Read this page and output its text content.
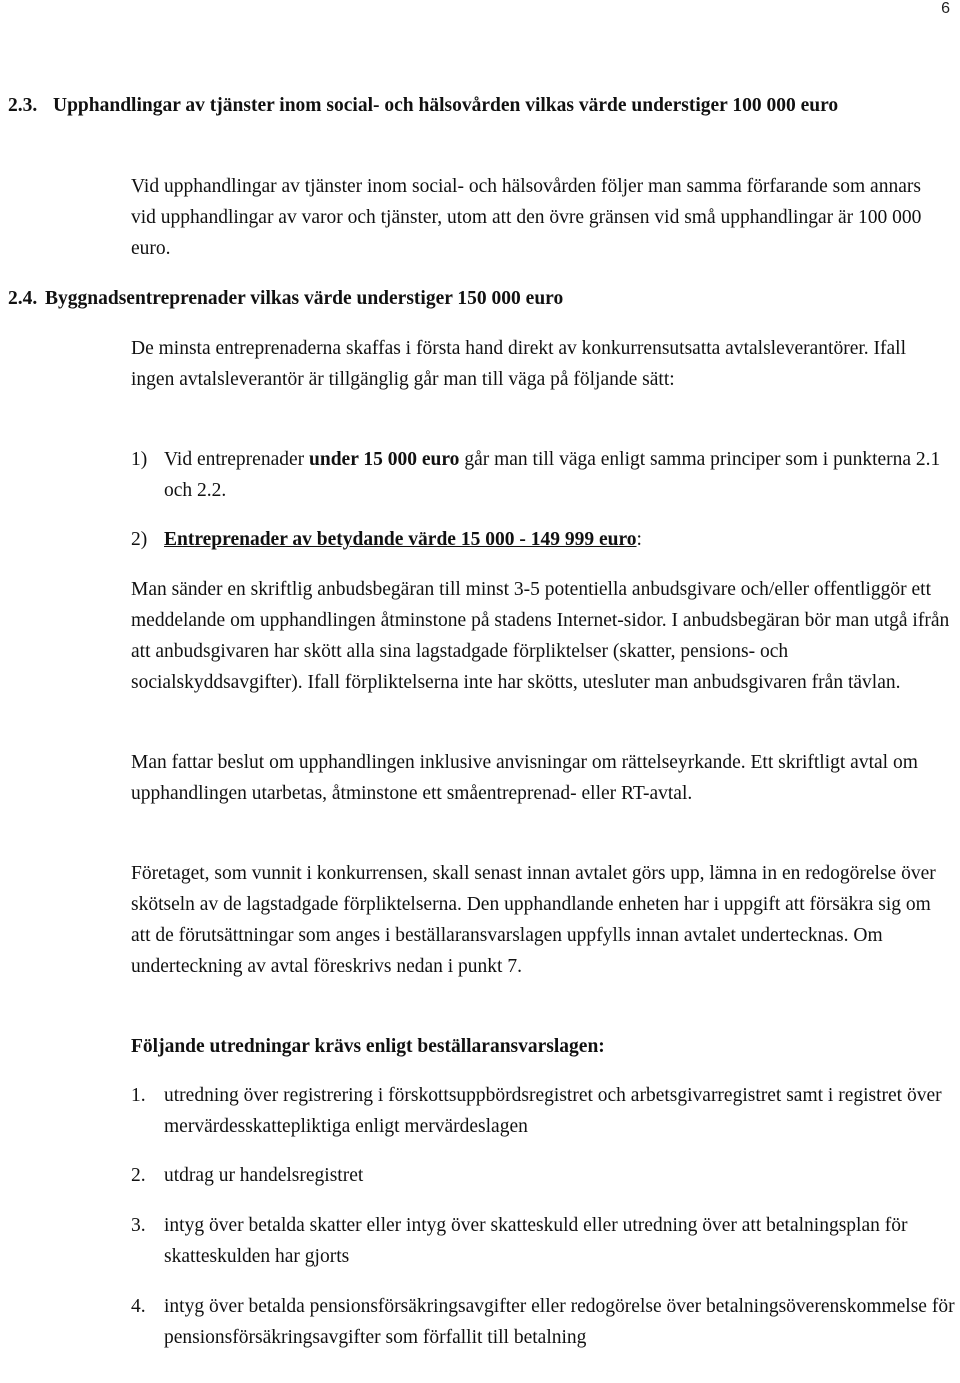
6
2.3. Upphandlingar av tjänster inom social- och hälsovården vilkas värde understiger 100 000 euro

Vid upphandlingar av tjänster inom social- och hälsovården följer man samma förfarande som annars vid upphandlingar av varor och tjänster, utom att den övre gränsen vid små upphandlingar är 100 000 euro.

2.4. Byggnadsentreprenader vilkas värde understiger 150 000 euro

De minsta entreprenaderna skaffas i första hand direkt av konkurrensutsatta avtalsleverantörer. Ifall ingen avtalsleverantör är tillgänglig går man till väga på följande sätt:

1) Vid entreprenader under 15 000 euro går man till väga enligt samma principer som i punkterna 2.1 och 2.2.
2) Entreprenader av betydande värde 15 000 - 149 999 euro:

Man sänder en skriftlig anbudsbegäran till minst 3-5 potentiella anbudsgivare och/eller offentliggör ett meddelande om upphandlingen åtminstone på stadens Internet-sidor. I anbudsbegäran bör man utgå ifrån att anbudsgivaren har skött alla sina lagstadgade förpliktelser (skatter, pensions- och socialskyddsavgifter). Ifall förpliktelserna inte har skötts, utesluter man anbudsgivaren från tävlan.

Man fattar beslut om upphandlingen inklusive anvisningar om rättelseyrkande. Ett skriftligt avtal om upphandlingen utarbetas, åtminstone ett småentreprenad- eller RT-avtal.

Företaget, som vunnit i konkurrensen, skall senast innan avtalet görs upp, lämna in en redogörelse över skötseln av de lagstadgade förpliktelserna. Den upphandlande enheten har i uppgift att försäkra sig om att de förutsättningar som anges i beställaransvarslagen uppfylls innan avtalet undertecknas. Om underteckning av avtal föreskrivs nedan i punkt 7.

Följande utredningar krävs enligt beställaransvarslagen:

1. utredning över registrering i förskottsuppbördsregistret och arbetsgivarregistret samt i registret över mervärdesskattepliktiga enligt mervärdeslagen
2. utdrag ur handelsregistret
3. intyg över betalda skatter eller intyg över skatteskuld eller utredning över att betalningsplan för skatteskulden har gjorts
4. intyg över betalda pensionsförsäkringsavgifter eller redogörelse över betalningsöverenskommelse för pensionsförsäkringsavgifter som förfallit till betalning
